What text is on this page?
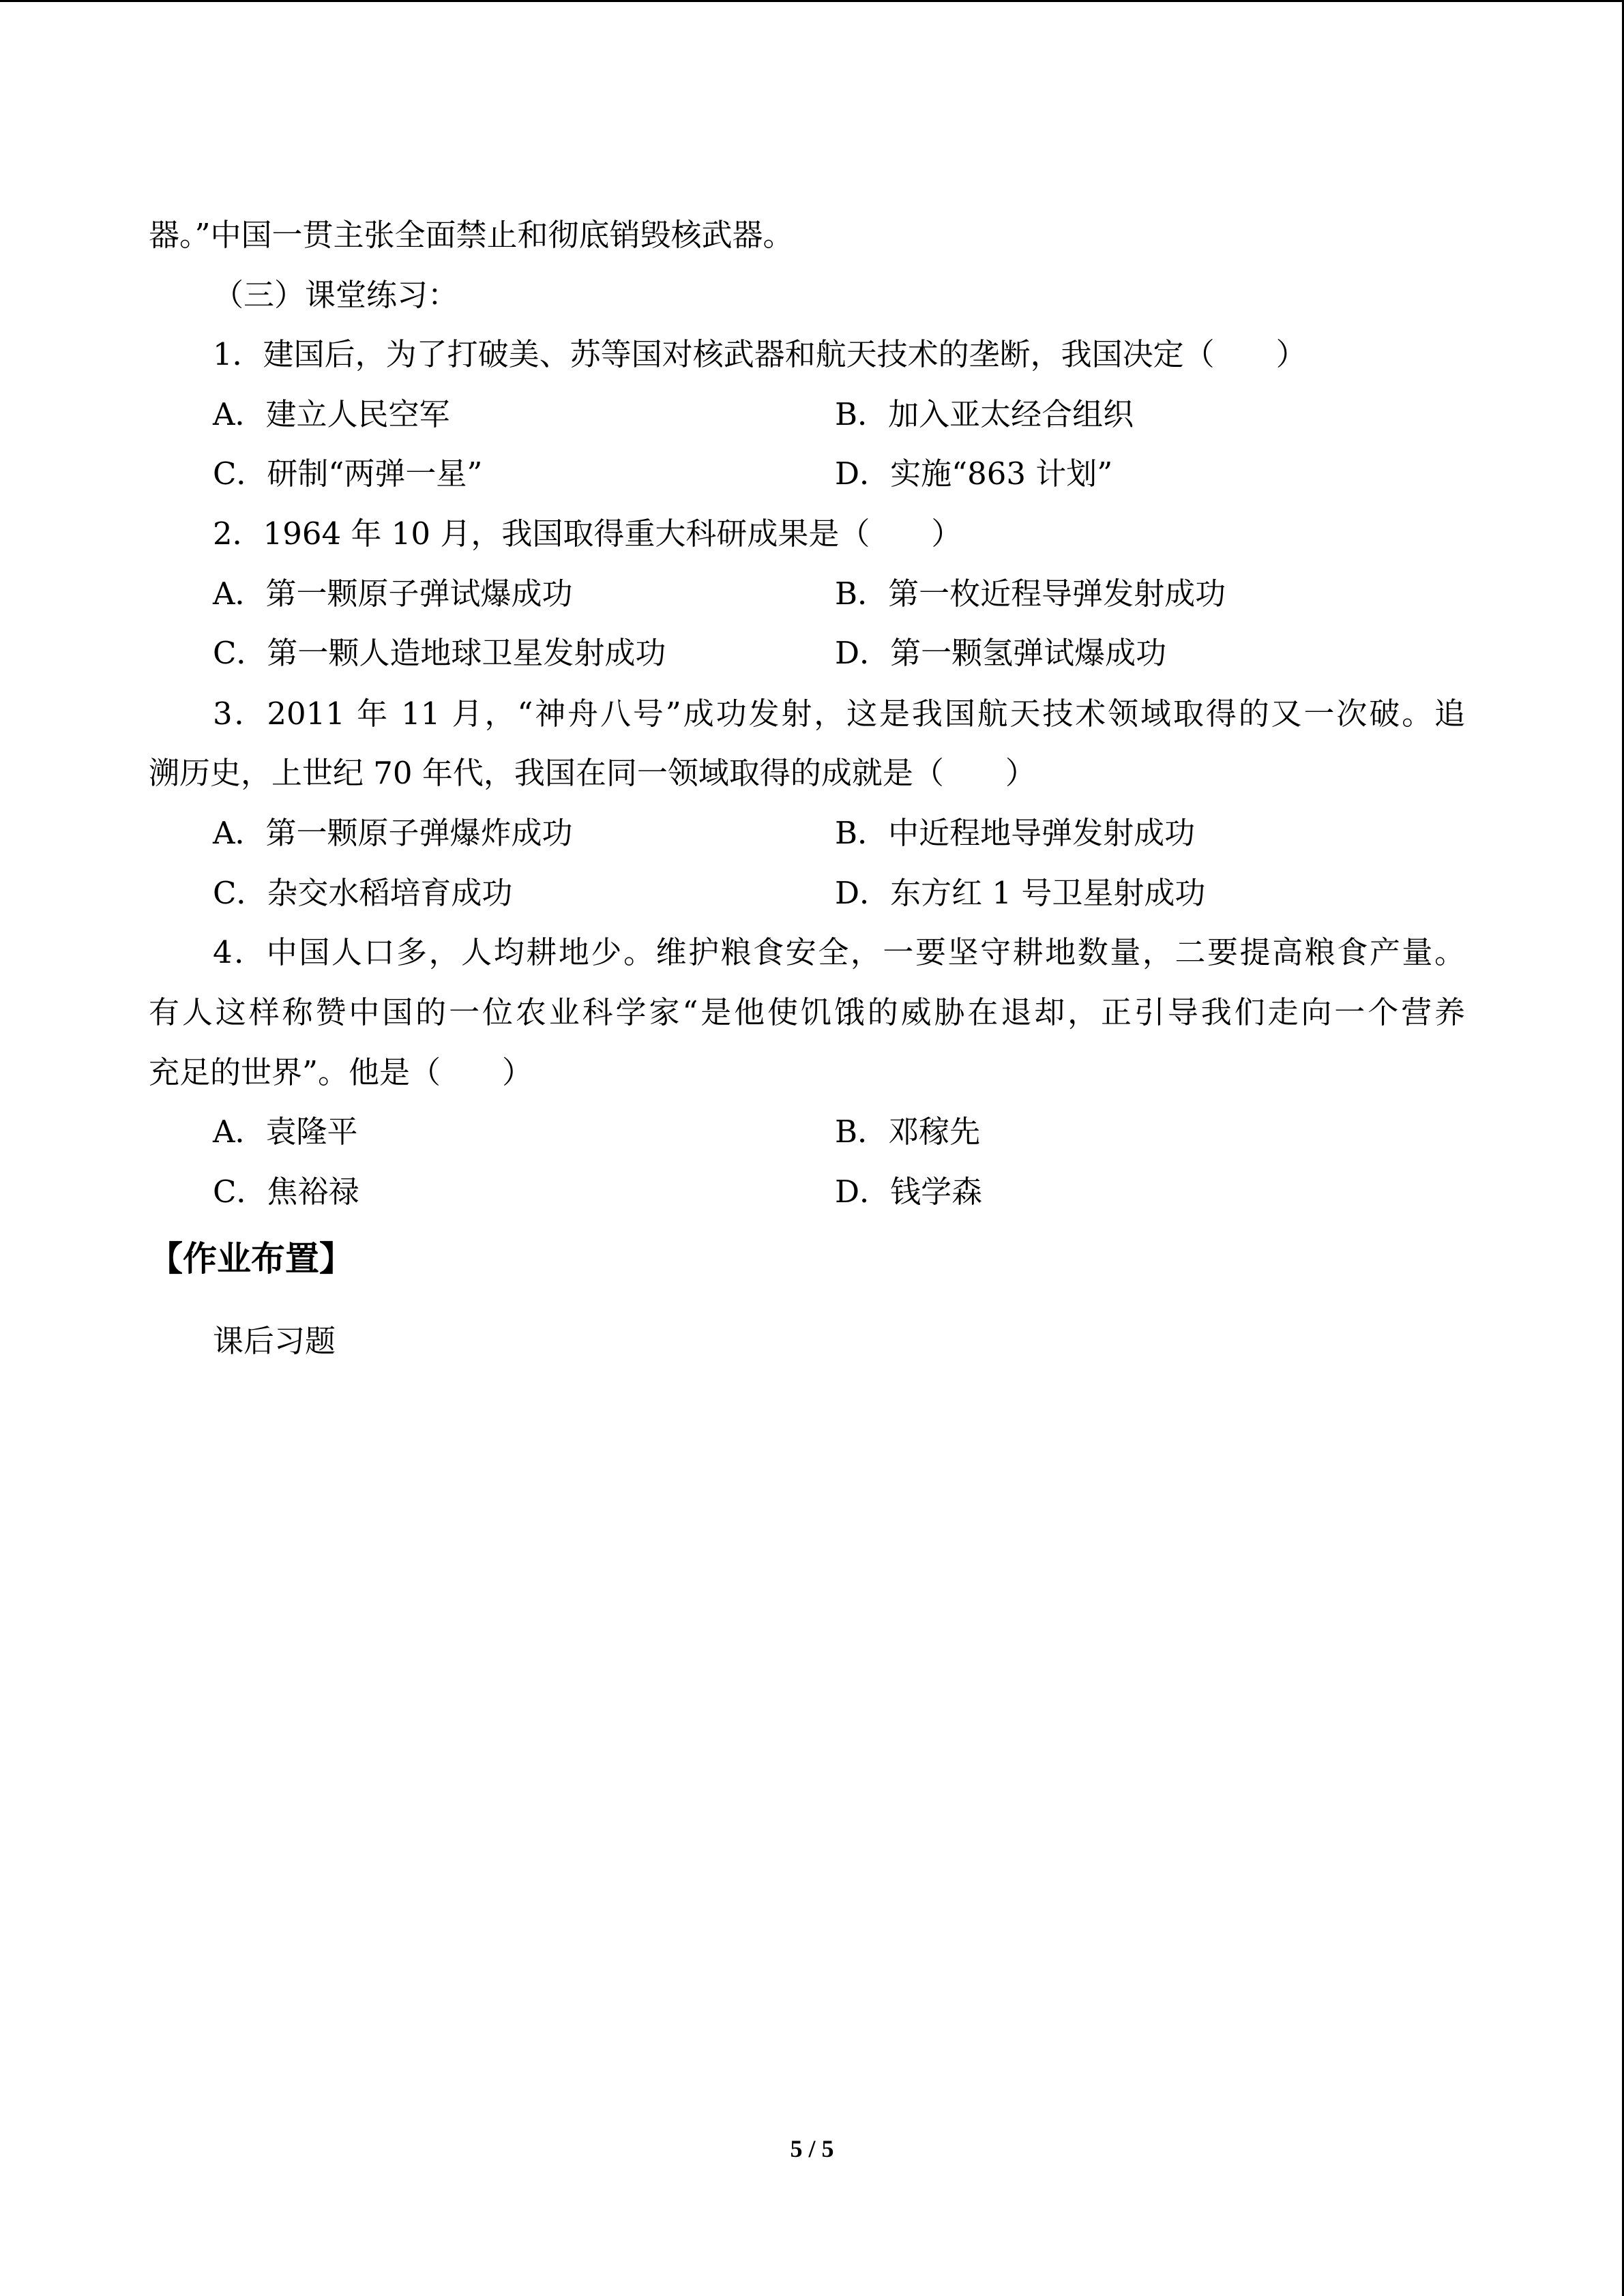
器。”中国一贯主张全面禁止和彻底销毁核武器。
（三）课堂练习：
1．建国后，为了打破美、苏等国对核武器和航天技术的垄断，我国决定（　　）
A．建立人民空军	B．加入亚太经合组织
C．研制“两弹一星”	D．实施“863 计划”
2．1964 年 10 月，我国取得重大科研成果是（　　）
A．第一颗原子弹试爆成功	B．第一枚近程导弹发射成功
C．第一颗人造地球卫星发射成功	D．第一颗氢弹试爆成功
3．2011 年 11 月，“神舟八号”成功发射，这是我国航天技术领域取得的又一次破。追
溯历史，上世纪 70 年代，我国在同一领域取得的成就是（　　）
A．第一颗原子弹爆炸成功	B．中近程地导弹发射成功
C．杂交水稻培育成功	D．东方红 1 号卫星射成功
4．中国人口多，人均耕地少。维护粮食安全，一要坚守耕地数量，二要提高粮食产量。
有人这样称赞中国的一位农业科学家“是他使饥饿的威胁在退却，正引导我们走向一个营养
充足的世界”。他是（　　）
A．袁隆平	B．邓稼先
C．焦裕禄	D．钱学森
【作业布置】
课后习题
5 / 5
